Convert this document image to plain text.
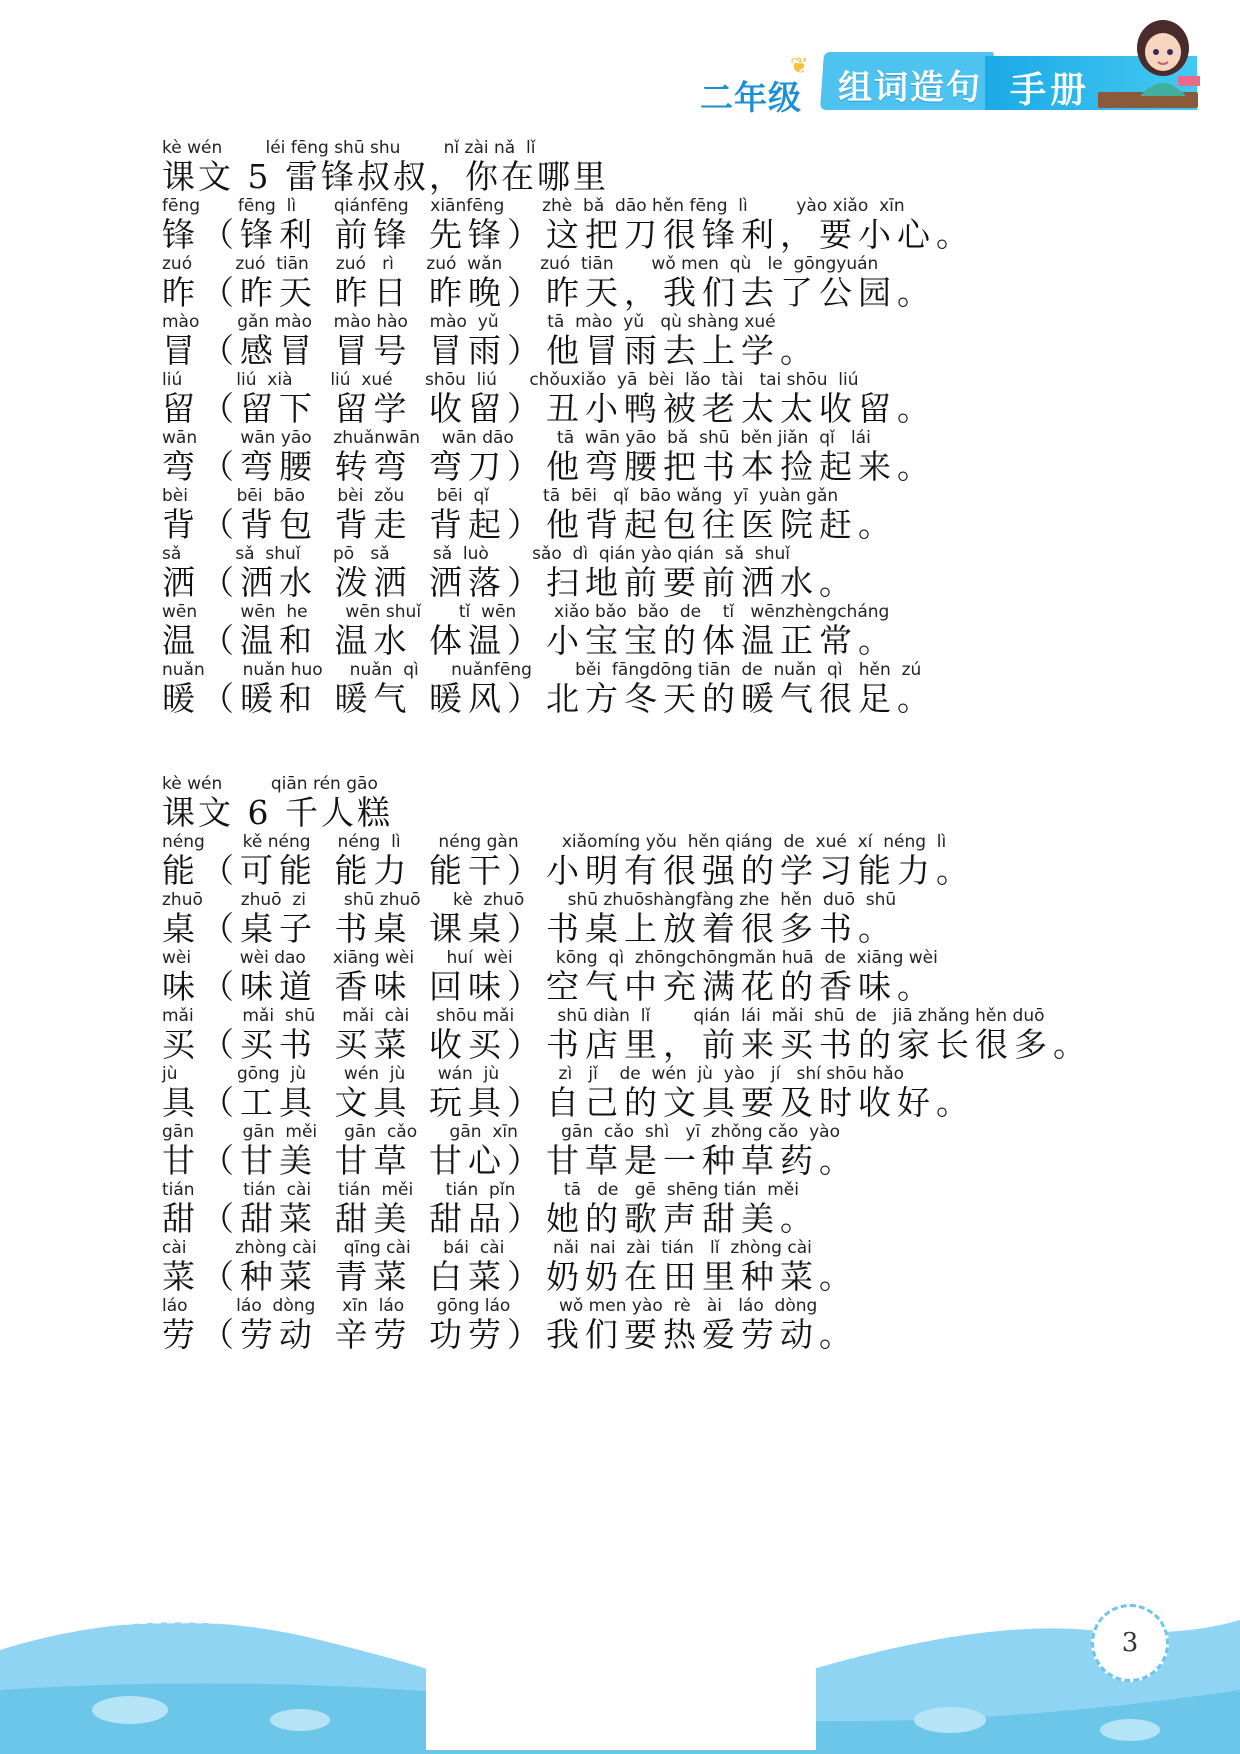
二年级
❦
组词造句 手册
kè wén        léi fēng shū shu        nǐ zài nǎ  lǐ
课文 5 雷锋叔叔，你在哪里
fēng       fēng  lì       qiánfēng    xiānfēng       zhè  bǎ  dāo hěn fēng  lì         yào xiǎo  xīn
锋（锋利 前锋 先锋）这把刀很锋利，要小心。
zuó        zuó  tiān     zuó   rì      zuó  wǎn       zuó  tiān       wǒ men  qù   le  gōngyuán
昨（昨天 昨日 昨晚）昨天，我们去了公园。
mào       gǎn mào    mào hào    mào  yǔ         tā  mào  yǔ   qù shàng xué
冒（感冒 冒号 冒雨）他冒雨去上学。
liú          liú  xià       liú  xué      shōu  liú      chǒuxiǎo  yā  bèi  lǎo  tài   tai shōu  liú
留（留下 留学 收留）丑小鸭被老太太收留。
wān        wān yāo    zhuǎnwān    wān dāo        tā  wān yāo  bǎ  shū  běn jiǎn  qǐ   lái
弯（弯腰 转弯 弯刀）他弯腰把书本捡起来。
bèi         bēi  bāo      bèi  zǒu      bēi  qǐ          tā  bēi   qǐ  bāo wǎng  yī  yuàn gǎn
背（背包 背走 背起）他背起包往医院赶。
sǎ          sǎ  shuǐ      pō   sǎ        sǎ  luò        sǎo  dì  qián yào qián  sǎ  shuǐ
洒（洒水 泼洒 洒落）扫地前要前洒水。
wēn        wēn  he       wēn shuǐ       tǐ  wēn       xiǎo bǎo  bǎo  de    tǐ   wēnzhèngcháng
温（温和 温水 体温）小宝宝的体温正常。
nuǎn       nuǎn huo     nuǎn  qì      nuǎnfēng        běi  fāngdōng tiān  de  nuǎn  qì   hěn  zú
暖（暖和 暖气 暖风）北方冬天的暖气很足。
kè wén         qiān rén gāo
课文 6 千人糕
néng       kě néng     néng  lì       néng gàn        xiǎomíng yǒu  hěn qiáng  de  xué  xí  néng  lì
能（可能 能力 能干）小明有很强的学习能力。
zhuō       zhuō  zi       shū zhuō      kè  zhuō        shū zhuōshàngfàng zhe  hěn  duō  shū
桌（桌子 书桌 课桌）书桌上放着很多书。
wèi         wèi dao     xiāng wèi      huí  wèi        kōng  qì  zhōngchōngmǎn huā  de  xiāng wèi
味（味道 香味 回味）空气中充满花的香味。
mǎi         mǎi  shū     mǎi  cài     shōu mǎi        shū diàn  lǐ        qián  lái  mǎi  shū  de   jiā zhǎng hěn duō
买（买书 买菜 收买）书店里，前来买书的家长很多。
jù           gōng  jù       wén  jù      wán  jù           zì   jǐ    de  wén  jù  yào   jí   shí shōu hǎo
具（工具 文具 玩具）自己的文具要及时收好。
gān         gān  měi     gān  cǎo      gān  xīn        gān  cǎo  shì   yī  zhǒng cǎo  yào
甘（甘美 甘草 甘心）甘草是一种草药。
tián         tián  cài     tián  měi      tián  pǐn         tā   de   gē  shēng tián  měi
甜（甜菜 甜美 甜品）她的歌声甜美。
cài         zhòng cài     qīng cài      bái  cài         nǎi  nai  zài  tián   lǐ  zhòng cài
菜（种菜 青菜 白菜）奶奶在田里种菜。
láo         láo  dòng     xīn  láo      gōng láo         wǒ men yào  rè   ài   láo  dòng
劳（劳动 辛劳 功劳）我们要热爱劳动。
3
